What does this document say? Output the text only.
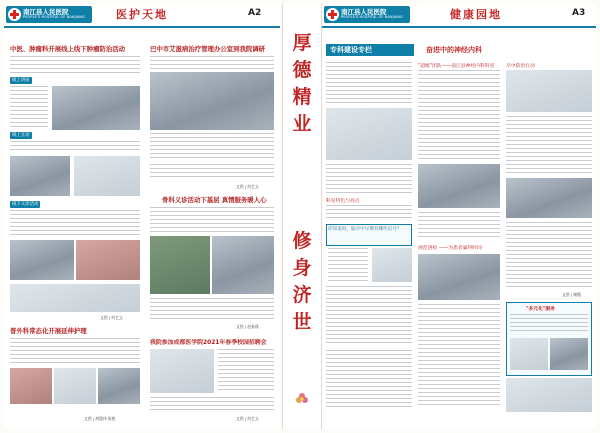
南江县人民医院
PEOPLE'S HOSPITAL OF NANJIANG	医护天地	A2
中医、肿瘤科开展线上线下肿瘤防治活动
线上讲座
线上互动
线下义诊活动
文图 | 何艺文
普外科常态化开展延伸护理
文图 | 胡俊伟 陈艳
巴中市艾滋病治疗管理办公室到我院调研
文图 | 何艺文
骨科义诊活动下基层 真情服务暖人心
文图 | 赵春燕
我院参加成都医学院2021年春季校园招聘会
文图 | 何艺文
厚
德
精
业
修
身
济
世
南江县人民医院
PEOPLE'S HOSPITAL OF NANJIANG	健康园地	A3
专科建设专栏	奋进中的神经内科
科室特色与亮点
你知道吗，脑卒中早期有哪些信号？
"超级"团队——南江县神经内科科室
规范溶栓 ——为患者赢得时间
卒中防治行动
文图 | 谢薇
"多元化"服务
